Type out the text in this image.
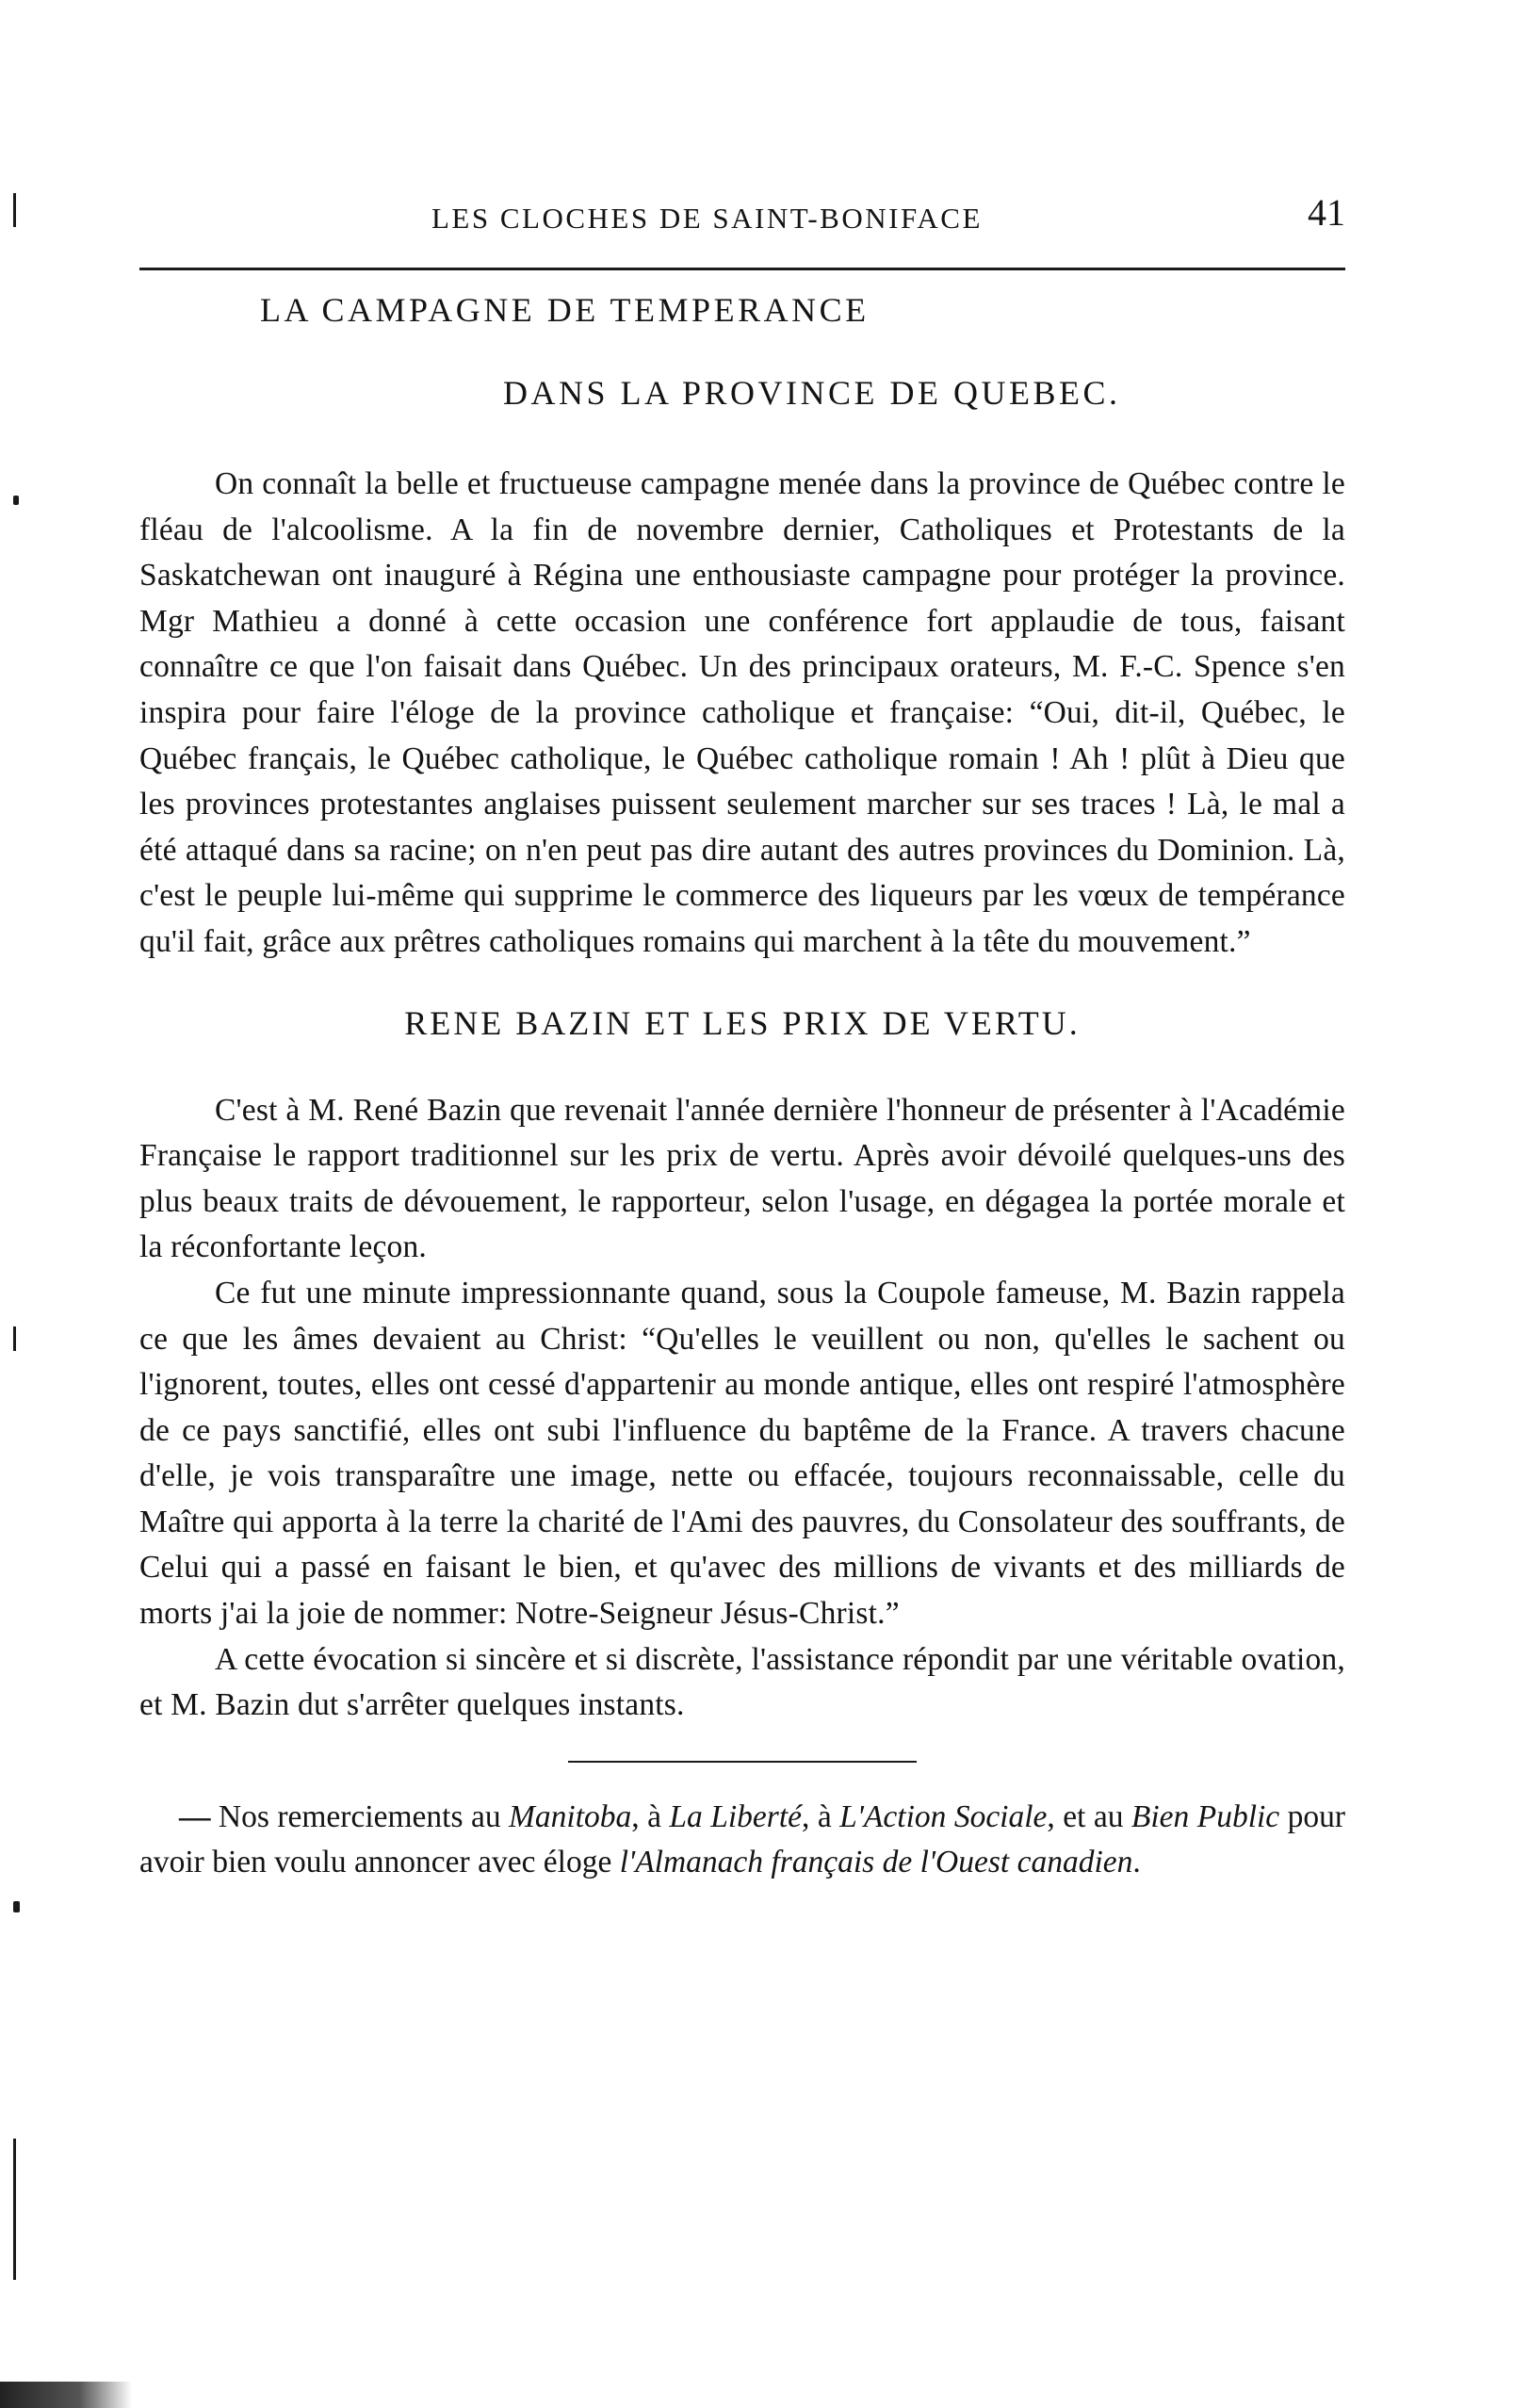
LES CLOCHES DE SAINT-BONIFACE	41
LA CAMPAGNE DE TEMPERANCE
DANS LA PROVINCE DE QUEBEC.

On connaît la belle et fructueuse campagne menée dans la province de Québec contre le fléau de l'alcoolisme. A la fin de novembre dernier, Catholiques et Protestants de la Saskatchewan ont inauguré à Régina une enthousiaste campagne pour protéger la province. Mgr Mathieu a donné à cette occasion une conférence fort applaudie de tous, faisant connaître ce que l'on faisait dans Québec. Un des principaux orateurs, M. F.-C. Spence s'en inspira pour faire l'éloge de la province catholique et française: “Oui, dit-il, Québec, le Québec français, le Québec catholique, le Québec catholique romain ! Ah ! plût à Dieu que les provinces protestantes anglaises puissent seulement marcher sur ses traces ! Là, le mal a été attaqué dans sa racine; on n'en peut pas dire autant des autres provinces du Dominion. Là, c'est le peuple lui-même qui supprime le commerce des liqueurs par les vœux de tempérance qu'il fait, grâce aux prêtres catholiques romains qui marchent à la tête du mouvement.”

RENE BAZIN ET LES PRIX DE VERTU.

C'est à M. René Bazin que revenait l'année dernière l'honneur de présenter à l'Académie Française le rapport traditionnel sur les prix de vertu. Après avoir dévoilé quelques-uns des plus beaux traits de dévouement, le rapporteur, selon l'usage, en dégagea la portée morale et la réconfortante leçon.

Ce fut une minute impressionnante quand, sous la Coupole fameuse, M. Bazin rappela ce que les âmes devaient au Christ: “Qu'elles le veuillent ou non, qu'elles le sachent ou l'ignorent, toutes, elles ont cessé d'appartenir au monde antique, elles ont respiré l'atmosphère de ce pays sanctifié, elles ont subi l'influence du baptême de la France. A travers chacune d'elle, je vois transparaître une image, nette ou effacée, toujours reconnaissable, celle du Maître qui apporta à la terre la charité de l'Ami des pauvres, du Consolateur des souffrants, de Celui qui a passé en faisant le bien, et qu'avec des millions de vivants et des milliards de morts j'ai la joie de nommer: Notre-Seigneur Jésus-Christ.”

A cette évocation si sincère et si discrète, l'assistance répondit par une véritable ovation, et M. Bazin dut s'arrêter quelques instants.

— Nos remerciements au Manitoba, à La Liberté, à L'Action Sociale, et au Bien Public pour avoir bien voulu annoncer avec éloge l'Almanach français de l'Ouest canadien.
